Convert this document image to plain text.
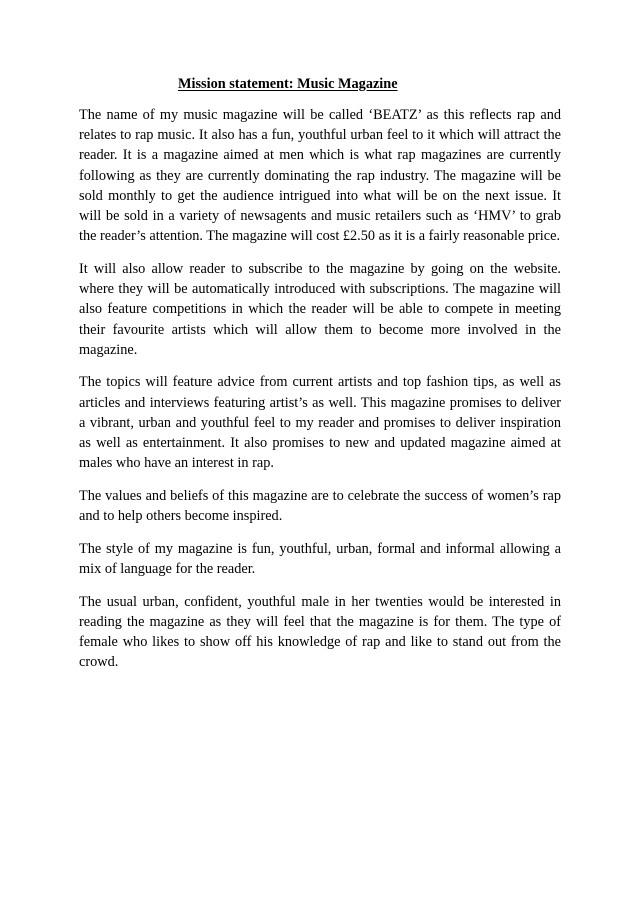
Mission statement: Music Magazine

The name of my music magazine will be called ‘BEATZ’ as this reflects rap and relates to rap music. It also has a fun, youthful urban feel to it which will attract the reader. It is a magazine aimed at men which is what rap magazines are currently following as they are currently dominating the rap industry. The magazine will be sold monthly to get the audience intrigued into what will be on the next issue. It will be sold in a variety of newsagents and music retailers such as ‘HMV’ to grab the reader’s attention. The magazine will cost £2.50 as it is a fairly reasonable price.

It will also allow reader to subscribe to the magazine by going on the website. where they will be automatically introduced with subscriptions. The magazine will also feature competitions in which the reader will be able to compete in meeting their favourite artists which will allow them to become more involved in the magazine.

The topics will feature advice from current artists and top fashion tips, as well as articles and interviews featuring artist’s as well. This magazine promises to deliver a vibrant, urban and youthful feel to my reader and promises to deliver inspiration as well as entertainment. It also promises to new and updated magazine aimed at males who have an interest in rap.

The values and beliefs of this magazine are to celebrate the success of women’s rap and to help others become inspired.

The style of my magazine is fun, youthful, urban, formal and informal allowing a mix of language for the reader.

The usual urban, confident, youthful male in her twenties would be interested in reading the magazine as they will feel that the magazine is for them. The type of female who likes to show off his knowledge of rap and like to stand out from the crowd.
